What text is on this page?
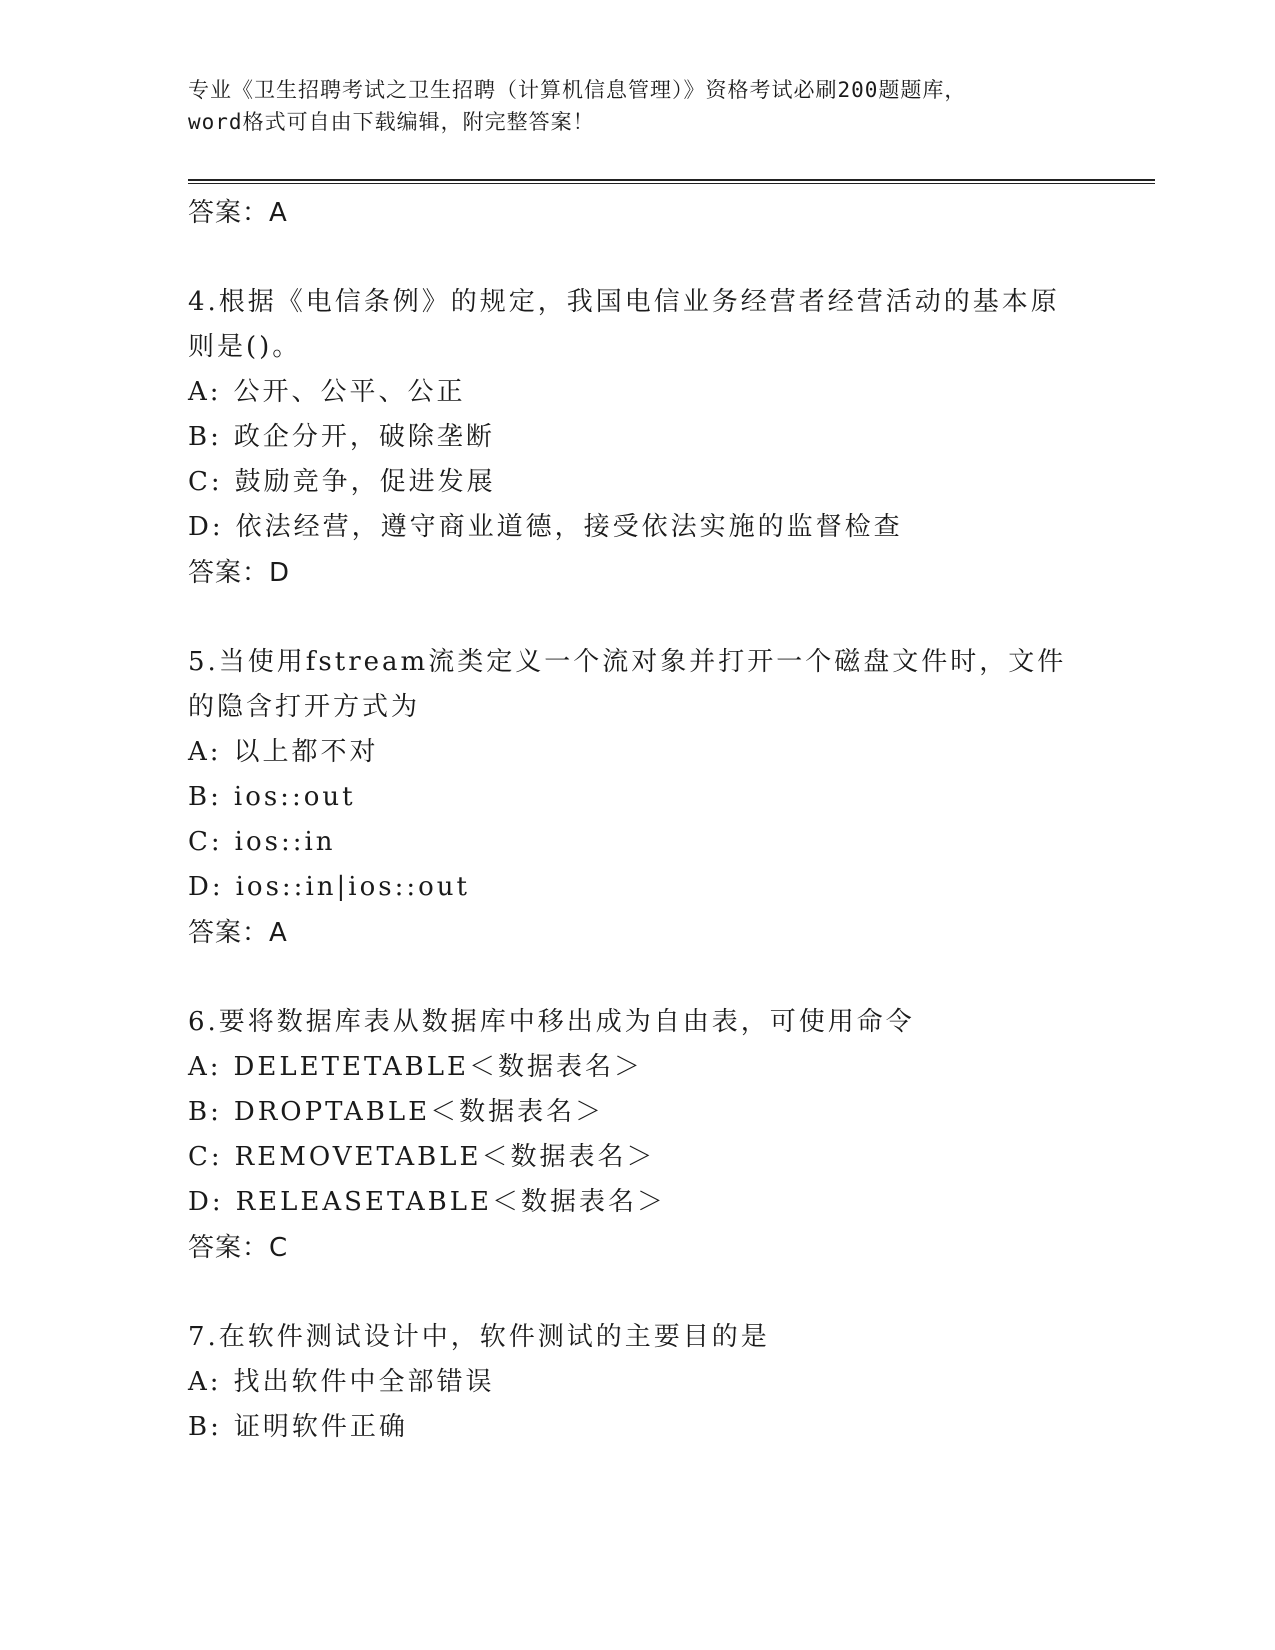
专业《卫生招聘考试之卫生招聘（计算机信息管理）》资格考试必刷200题题库，
word格式可自由下载编辑，附完整答案！
答案：A
4.根据《电信条例》的规定，我国电信业务经营者经营活动的基本原
则是()。
A: 公开、公平、公正
B: 政企分开，破除垄断
C: 鼓励竞争，促进发展
D: 依法经营，遵守商业道德，接受依法实施的监督检查
答案：D
5.当使用fstream流类定义一个流对象并打开一个磁盘文件时，文件
的隐含打开方式为
A: 以上都不对
B: ios::out
C: ios::in
D: ios::in|ios::out
答案：A
6.要将数据库表从数据库中移出成为自由表，可使用命令
A: DELETETABLE＜数据表名＞
B: DROPTABLE＜数据表名＞
C: REMOVETABLE＜数据表名＞
D: RELEASETABLE＜数据表名＞
答案：C
7.在软件测试设计中，软件测试的主要目的是
A: 找出软件中全部错误
B: 证明软件正确
